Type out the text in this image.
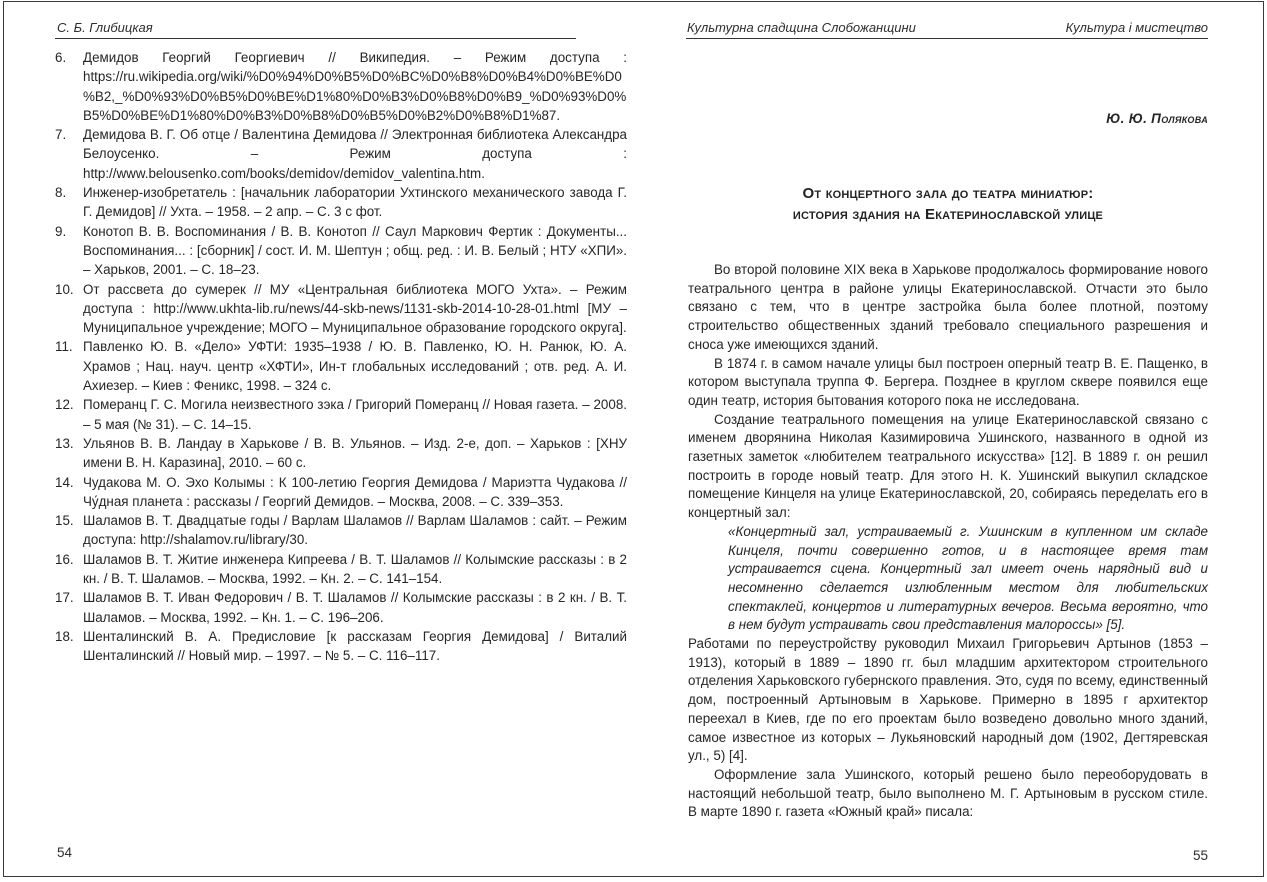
С. Б. Глибицкая
6.	Демидов Георгий Георгиевич // Википедия. – Режим доступа : https://ru.wikipedia.org/wiki/%D0%94%D0%B5%D0%BC%D0%B8%D0%B4%D0%BE%D0%B2,_%D0%93%D0%B5%D0%BE%D1%80%D0%B3%D0%B8%D0%B9_%D0%93%D0%B5%D0%BE%D1%80%D0%B3%D0%B8%D0%B5%D0%B2%D0%B8%D1%87.
7.	Демидова В. Г. Об отце / Валентина Демидова // Электронная библиотека Александра Белоусенко. – Режим доступа : http://www.belousenko.com/books/demidov/demidov_valentina.htm.
8.	Инженер-изобретатель : [начальник лаборатории Ухтинского механического завода Г. Г. Демидов] // Ухта. – 1958. – 2 апр. – С. 3 с фот.
9.	Конотоп В. В. Воспоминания / В. В. Конотоп // Саул Маркович Фертик : Документы... Воспоминания... : [сборник] / сост. И. М. Шептун ; общ. ред. : И. В. Белый ; НТУ «ХПИ». – Харьков, 2001. – С. 18–23.
10. От рассвета до сумерек // МУ «Центральная библиотека МОГО Ухта». – Режим доступа : http://www.ukhta-lib.ru/news/44-skb-news/1131-skb-2014-10-28-01.html [МУ – Муниципальное учреждение; МОГО – Муниципальное образование городского округа].
11. Павленко Ю. В. «Дело» УФТИ: 1935–1938 / Ю. В. Павленко, Ю. Н. Ранюк, Ю. А. Храмов ; Нац. науч. центр «ХФТИ», Ин-т глобальных исследований ; отв. ред. А. И. Ахиезер. – Киев : Феникс, 1998. – 324 с.
12. Померанц Г. С. Могила неизвестного зэка / Григорий Померанц // Новая газета. – 2008. – 5 мая (№ 31). – С. 14–15.
13. Ульянов В. В. Ландау в Харькове / В. В. Ульянов. – Изд. 2-е, доп. – Харьков : [ХНУ имени В. Н. Каразина], 2010. – 60 с.
14. Чудакова М. О. Эхо Колымы : К 100-летию Георгия Демидова / Мариэтта Чудакова // Чу́дная планета : рассказы / Георгий Демидов. – Москва, 2008. – С. 339–353.
15. Шаламов В. Т. Двадцатые годы / Варлам Шаламов // Варлам Шаламов : сайт. – Режим доступа: http://shalamov.ru/library/30.
16. Шаламов В. Т. Житие инженера Кипреева / В. Т. Шаламов // Колымские рассказы : в 2 кн. / В. Т. Шаламов. – Москва, 1992. – Кн. 2. – С. 141–154.
17. Шаламов В. Т. Иван Федорович / В. Т. Шаламов // Колымские рассказы : в 2 кн. / В. Т. Шаламов. – Москва, 1992. – Кн. 1. – С. 196–206.
18. Шенталинский В. А. Предисловие [к рассказам Георгия Демидова] / Виталий Шенталинский // Новый мир. – 1997. – № 5. – С. 116–117.
54
Культурна спадщина Слобожанщини	Культура і мистецтво
Ю. Ю. Полякова
От концертного зала до театра миниатюр:
история здания на Екатеринославской улице

Во второй половине XIX века в Харькове продолжалось формирование нового театрального центра в районе улицы Екатеринославской. Отчасти это было связано с тем, что в центре застройка была более плотной, поэтому строительство общественных зданий требовало специального разрешения и сноса уже имеющихся зданий.

В 1874 г. в самом начале улицы был построен оперный театр В. Е. Пащенко, в котором выступала труппа Ф. Бергера. Позднее в круглом сквере появился еще один театр, история бытования которого пока не исследована.

Создание театрального помещения на улице Екатеринославской связано с именем дворянина Николая Казимировича Ушинского, названного в одной из газетных заметок «любителем театрального искусства» [12]. В 1889 г. он решил построить в городе новый театр. Для этого Н. К. Ушинский выкупил складское помещение Кинцеля на улице Екатеринославской, 20, собираясь переделать его в концертный зал:

«Концертный зал, устраиваемый г. Ушинским в купленном им складе Кинцеля, почти совершенно готов, и в настоящее время там устраивается сцена. Концертный зал имеет очень нарядный вид и несомненно сделается излюбленным местом для любительских спектаклей, концертов и литературных вечеров. Весьма вероятно, что в нем будут устраивать свои представления малороссы» [5].

Работами по переустройству руководил Михаил Григорьевич Артынов (1853 – 1913), который в 1889 – 1890 гг. был младшим архитектором строительного отделения Харьковского губернского правления. Это, судя по всему, единственный дом, построенный Артыновым в Харькове. Примерно в 1895 г архитектор переехал в Киев, где по его проектам было возведено довольно много зданий, самое известное из которых – Лукьяновский народный дом (1902, Дегтяревская ул., 5) [4].

Оформление зала Ушинского, который решено было переоборудовать в настоящий небольшой театр, было выполнено М. Г. Артыновым в русском стиле. В марте 1890 г. газета «Южный край» писала:

55
